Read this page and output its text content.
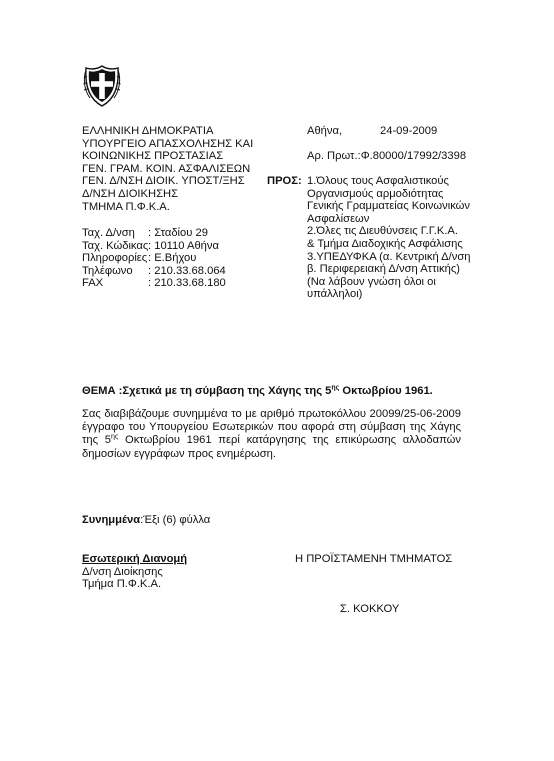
ΕΛΛΗΝΙΚΗ ΔΗΜΟΚΡΑΤΙΑ
ΥΠΟΥΡΓΕΙΟ ΑΠΑΣΧΟΛΗΣΗΣ ΚΑΙ
ΚΟΙΝΩΝΙΚΗΣ ΠΡΟΣΤΑΣΙΑΣ
ΓΕΝ. ΓΡΑΜ. ΚΟΙΝ. ΑΣΦΑΛΙΣΕΩΝ
ΓΕΝ. Δ/ΝΣΗ ΔΙΟΙΚ. ΥΠΟΣΤ/ΞΗΣ
Δ/ΝΣΗ ΔΙΟΙΚΗΣΗΣ
ΤΜΗΜΑ Π.Φ.Κ.Α.
Αθήνα,	24-09-2009
Αρ. Πρωτ.:Φ.80000/17992/3398
ΠΡΟΣ: 1.Όλους τους Ασφαλιστικούς
Οργανισμούς αρμοδιότητας
Γενικής Γραμματείας Κοινωνικών
Ασφαλίσεων
2.Όλες τις Διευθύνσεις Γ.Γ.Κ.Α.
& Τμήμα Διαδοχικής Ασφάλισης
3.ΥΠΕΔΥΦΚΑ (α. Κεντρική Δ/νση
β. Περιφερειακή Δ/νση Αττικής)
(Να λάβουν γνώση όλοι οι
υπάλληλοι)
Ταχ. Δ/νση
Ταχ. Κώδικας
Πληροφορίες
Τηλέφωνο
FAX
: Σταδίου 29
: 10110 Αθήνα
: Ε.Βήχου
: 210.33.68.064
: 210.33.68.180
ΘΕΜΑ :Σχετικά με τη σύμβαση της Χάγης της $5^{\eta\varsigma}$ Οκτωβρίου 1961.
Σας διαβιβάζουμε συνημμένα το με αριθμό πρωτοκόλλου 20099/25-06-2009
έγγραφο του Υπουργείου Εσωτερικών που αφορά στη σύμβαση της Χάγης
της $5^{\eta\varsigma}$ Οκτωβρίου 1961 περί κατάργησης της επικύρωσης αλλοδαπών
δημοσίων εγγράφων προς ενημέρωση.
Συνημμένα:Έξι (6) φύλλα
Εσωτερική Διανομή
Δ/νση Διοίκησης
Τμήμα Π.Φ.Κ.Α.
Η ΠΡΟΪΣΤΑΜΕΝΗ ΤΜΗΜΑΤΟΣ
Σ. ΚΟΚΚΟΥ
